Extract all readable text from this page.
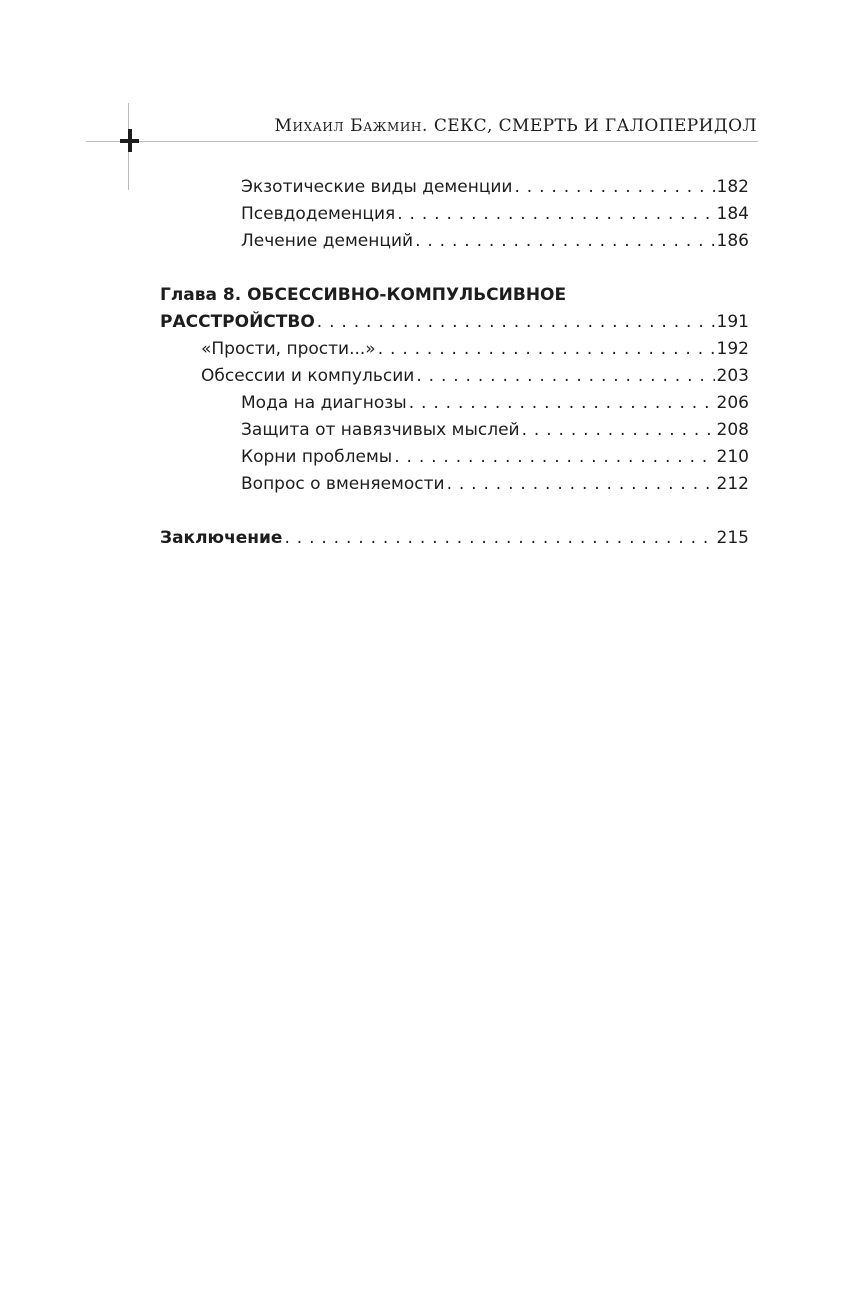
Михаил Бажмин. СЕКС, СМЕРТЬ И ГАЛОПЕРИДОЛ
Экзотические виды деменции . . .	182
Псевдодеменция . . .	184
Лечение деменций . . .	186
Глава 8. ОБСЕССИВНО-КОМПУЛЬСИВНОЕ
РАССТРОЙСТВО . . .	191
«Прости, прости...» . . .	192
Обсессии и компульсии . . .	203
Мода на диагнозы . . .	206
Защита от навязчивых мыслей . . .	208
Корни проблемы . . .	210
Вопрос о вменяемости . . .	212
Заключение . . .	215
